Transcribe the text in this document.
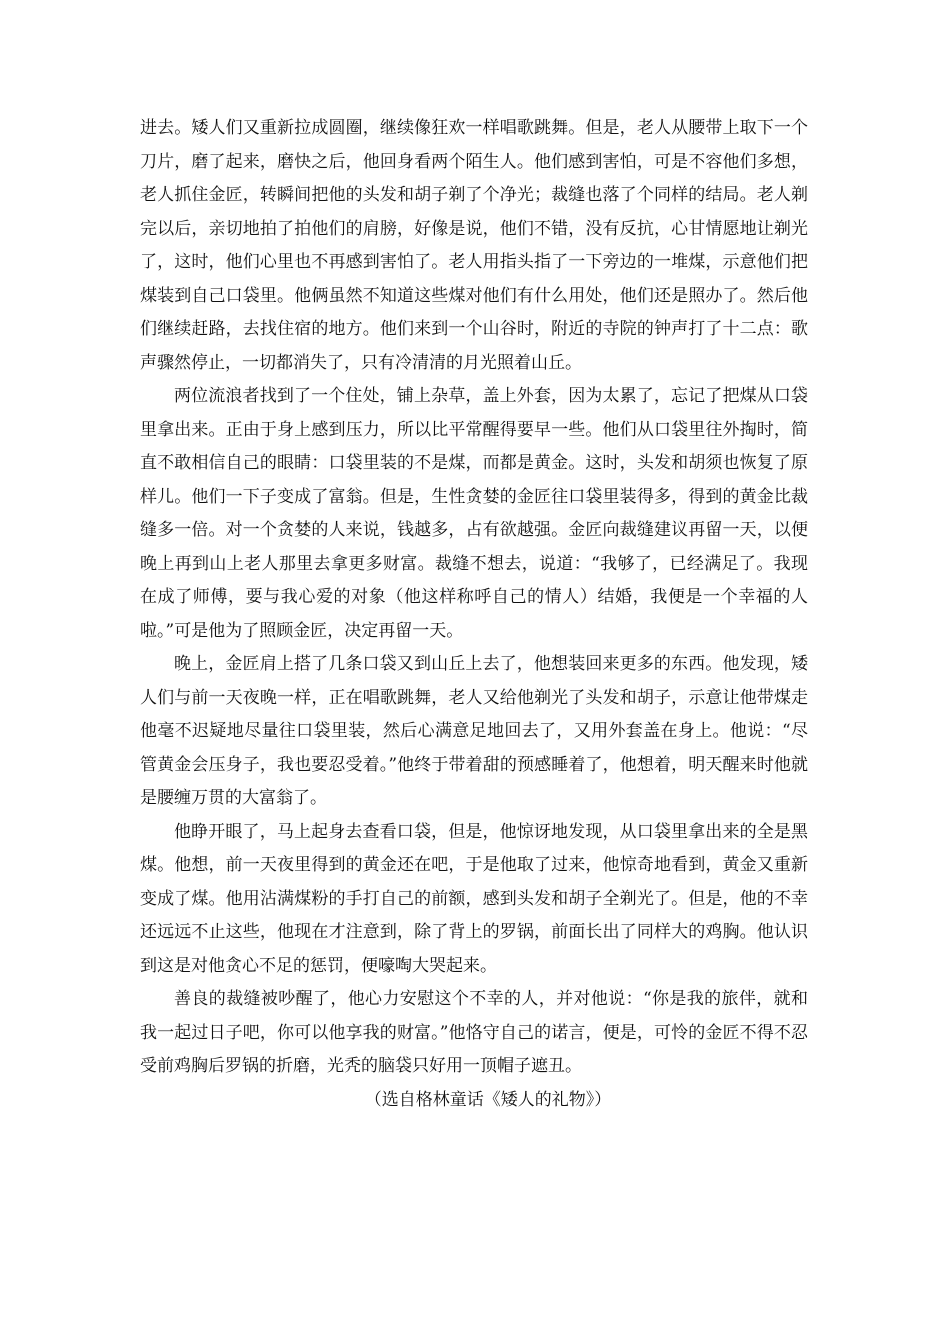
进去。矮人们又重新拉成圆圈，继续像狂欢一样唱歌跳舞。但是，老人从腰带上取下一个刀片，磨了起来，磨快之后，他回身看两个陌生人。他们感到害怕，可是不容他们多想，老人抓住金匠，转瞬间把他的头发和胡子剃了个净光；裁缝也落了个同样的结局。老人剃完以后，亲切地拍了拍他们的肩膀，好像是说，他们不错，没有反抗，心甘情愿地让剃光了，这时，他们心里也不再感到害怕了。老人用指头指了一下旁边的一堆煤，示意他们把煤装到自己口袋里。他俩虽然不知道这些煤对他们有什么用处，他们还是照办了。然后他们继续赶路，去找住宿的地方。他们来到一个山谷时，附近的寺院的钟声打了十二点：歌声骤然停止，一切都消失了，只有冷清清的月光照着山丘。

两位流浪者找到了一个住处，铺上杂草，盖上外套，因为太累了，忘记了把煤从口袋里拿出来。正由于身上感到压力，所以比平常醒得要早一些。他们从口袋里往外掏时，简直不敢相信自己的眼睛：口袋里装的不是煤，而都是黄金。这时，头发和胡须也恢复了原样儿。他们一下子变成了富翁。但是，生性贪婪的金匠往口袋里装得多，得到的黄金比裁缝多一倍。对一个贪婪的人来说，钱越多，占有欲越强。金匠向裁缝建议再留一天，以便晚上再到山上老人那里去拿更多财富。裁缝不想去，说道：“我够了，已经满足了。我现在成了师傅，要与我心爱的对象（他这样称呼自己的情人）结婚，我便是一个幸福的人啦。”可是他为了照顾金匠，决定再留一天。

晚上，金匠肩上搭了几条口袋又到山丘上去了，他想装回来更多的东西。他发现，矮人们与前一天夜晚一样，正在唱歌跳舞，老人又给他剃光了头发和胡子，示意让他带煤走他毫不迟疑地尽量往口袋里装，然后心满意足地回去了，又用外套盖在身上。他说：“尽管黄金会压身子，我也要忍受着。”他终于带着甜的预感睡着了，他想着，明天醒来时他就是腰缠万贯的大富翁了。

他睁开眼了，马上起身去查看口袋，但是，他惊讶地发现，从口袋里拿出来的全是黑煤。他想，前一天夜里得到的黄金还在吧，于是他取了过来，他惊奇地看到，黄金又重新变成了煤。他用沾满煤粉的手打自己的前额，感到头发和胡子全剃光了。但是，他的不幸还远远不止这些，他现在才注意到，除了背上的罗锅，前面长出了同样大的鸡胸。他认识到这是对他贪心不足的惩罚，便嚎啕大哭起来。

善良的裁缝被吵醒了，他心力安慰这个不幸的人，并对他说：“你是我的旅伴，就和我一起过日子吧，你可以他享我的财富。”他恪守自己的诺言，便是，可怜的金匠不得不忍受前鸡胸后罗锅的折磨，光秃的脑袋只好用一顶帽子遮丑。

（选自格林童话《矮人的礼物》）
